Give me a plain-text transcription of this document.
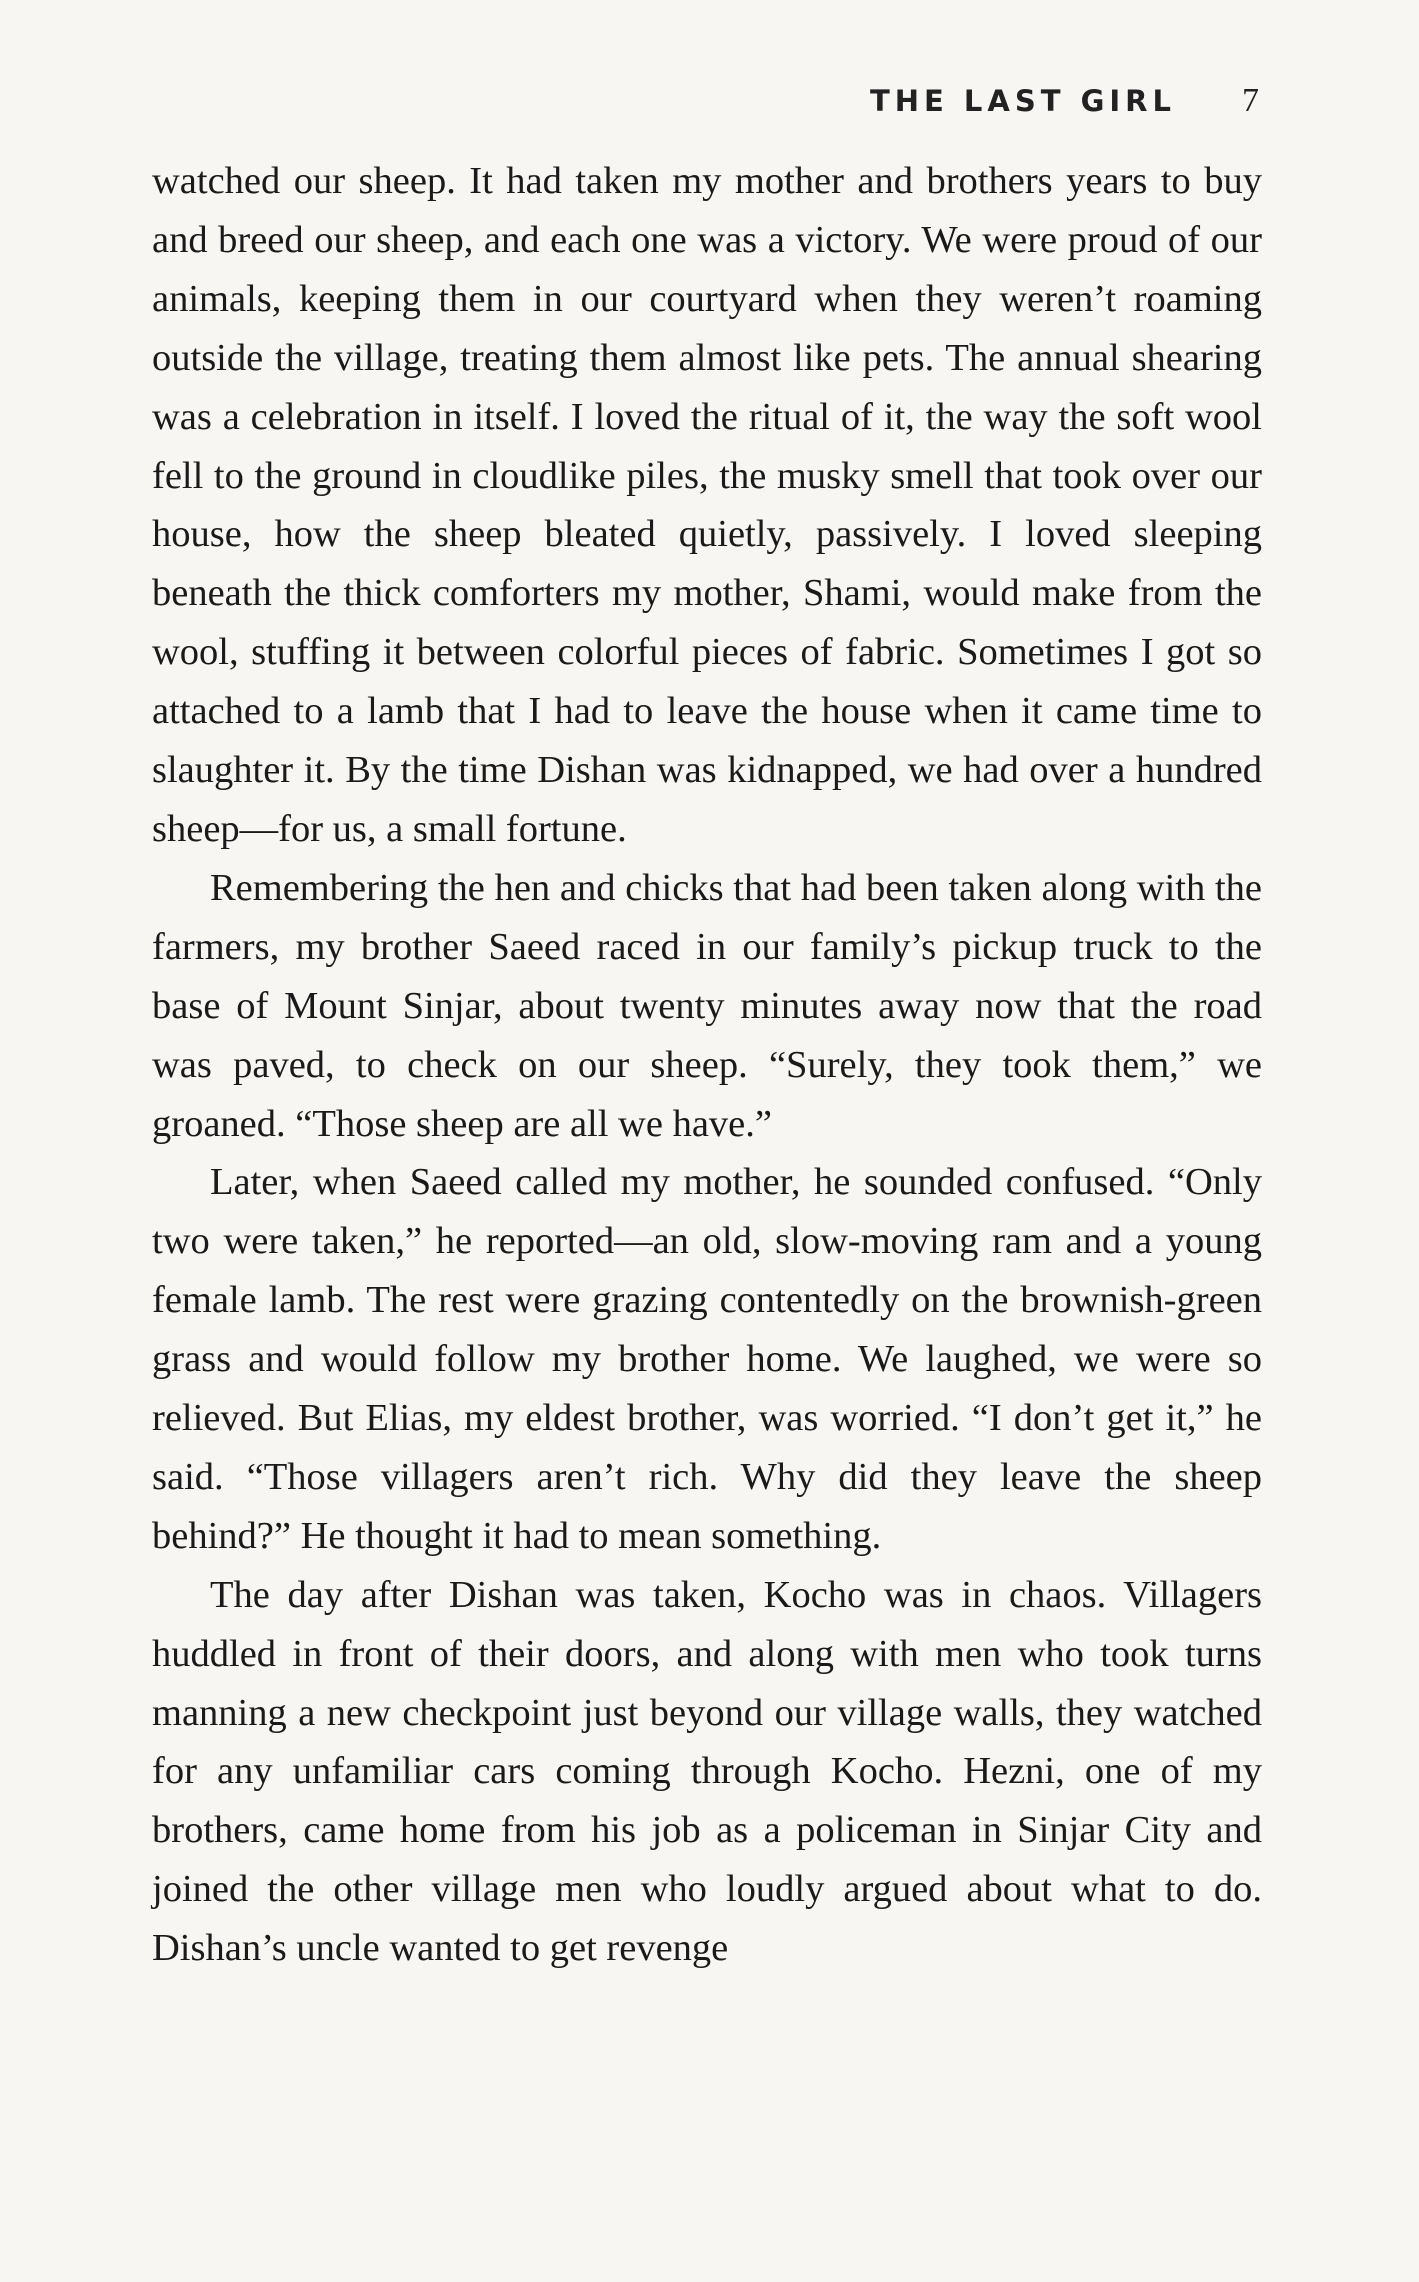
THE LAST GIRL 7

watched our sheep. It had taken my mother and brothers years to buy and breed our sheep, and each one was a victory. We were proud of our animals, keeping them in our courtyard when they weren’t roaming outside the village, treating them almost like pets. The annual shearing was a celebration in itself. I loved the ritual of it, the way the soft wool fell to the ground in cloudlike piles, the musky smell that took over our house, how the sheep bleated quietly, passively. I loved sleeping beneath the thick comforters my mother, Shami, would make from the wool, stuffing it between colorful pieces of fabric. Sometimes I got so attached to a lamb that I had to leave the house when it came time to slaughter it. By the time Dishan was kidnapped, we had over a hundred sheep—for us, a small fortune.

Remembering the hen and chicks that had been taken along with the farmers, my brother Saeed raced in our family’s pickup truck to the base of Mount Sinjar, about twenty minutes away now that the road was paved, to check on our sheep. “Surely, they took them,” we groaned. “Those sheep are all we have.”

Later, when Saeed called my mother, he sounded confused. “Only two were taken,” he reported—an old, slow-moving ram and a young female lamb. The rest were grazing contentedly on the brownish-green grass and would follow my brother home. We laughed, we were so relieved. But Elias, my eldest brother, was worried. “I don’t get it,” he said. “Those villagers aren’t rich. Why did they leave the sheep behind?” He thought it had to mean something.

The day after Dishan was taken, Kocho was in chaos. Villagers huddled in front of their doors, and along with men who took turns manning a new checkpoint just beyond our village walls, they watched for any unfamiliar cars coming through Kocho. Hezni, one of my brothers, came home from his job as a policeman in Sinjar City and joined the other village men who loudly argued about what to do. Dishan’s uncle wanted to get revenge
